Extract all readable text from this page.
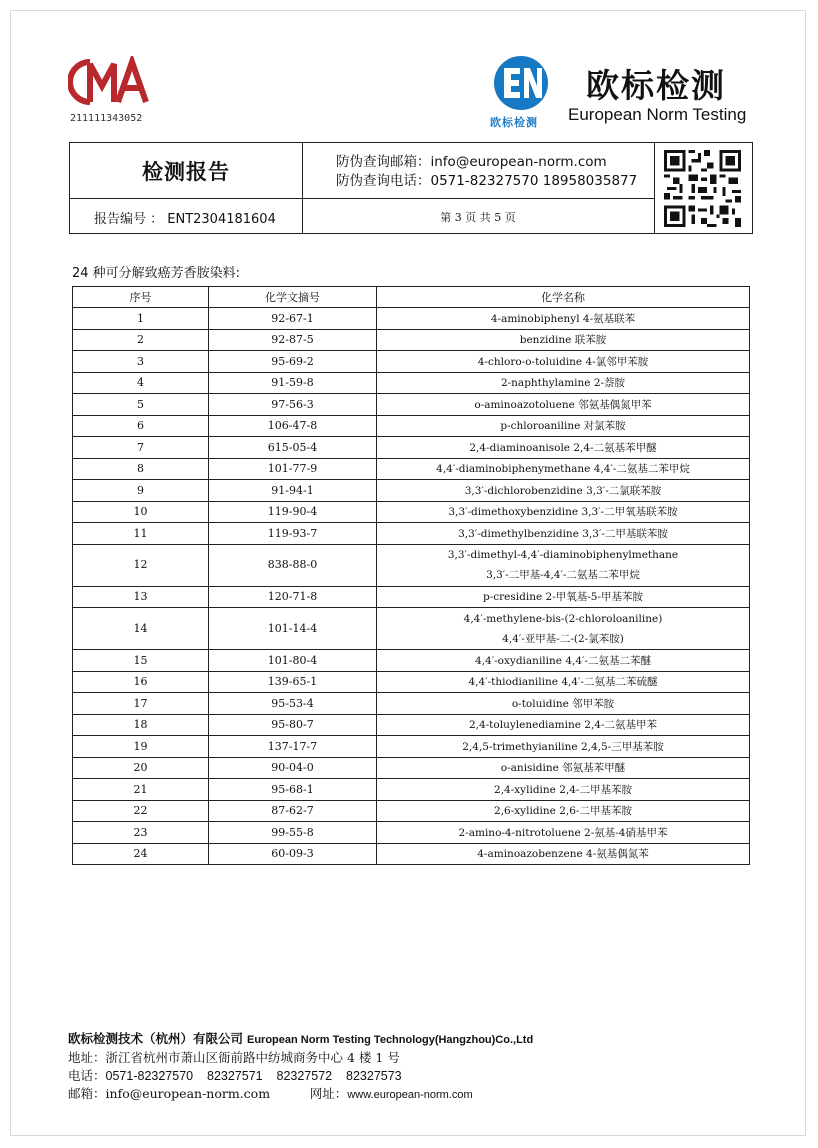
211111343052	欧标检测
欧标检测
European Norm Testing
检测报告	防伪查询邮箱：info@european-norm.com
防伪查询电话：0571-82327570 18958035877
报告编号 ： ENT2304181604	第 3 页 共 5 页
24 种可分解致癌芳香胺染料:
序号	化学文摘号	化学名称
1	92-67-1	4-aminobiphenyl 4-氨基联苯

2	92-87-5	benzidine 联苯胺

3	95-69-2	4-chloro-o-toluidine 4-氯邻甲苯胺

4	91-59-8	2-naphthylamine 2-萘胺

5	97-56-3	o-aminoazotoluene 邻氨基偶氮甲苯

6	106-47-8	p-chloroaniline 对氯苯胺

7	615-05-4	2,4-diaminoanisole 2,4-二氨基苯甲醚

8	101-77-9	4,4′-diaminobiphenymethane 4,4′-二氨基二苯甲烷

9	91-94-1	3,3′-dichlorobenzidine 3,3′-二氯联苯胺

10	119-90-4	3,3′-dimethoxybenzidine 3,3′-二甲氧基联苯胺

11	119-93-7	3,3′-dimethylbenzidine 3,3′-二甲基联苯胺

12	838-88-0	3,3′-dimethyl-4,4′-diaminobiphenylmethane
3,3′-二甲基-4,4′-二氨基二苯甲烷

13	120-71-8	p-cresidine 2-甲氧基-5-甲基苯胺

14	101-14-4	4,4′-methylene-bis-(2-chloroloaniline)
4,4′-亚甲基-二-(2-氯苯胺)

15	101-80-4	4,4′-oxydianiline 4,4′-二氨基二苯醚

16	139-65-1	4,4′-thiodianiline 4,4′-二氨基二苯硫醚

17	95-53-4	o-toluidine 邻甲苯胺

18	95-80-7	2,4-toluylenediamine 2,4-二氨基甲苯

19	137-17-7	2,4,5-trimethyianiline 2,4,5-三甲基苯胺

20	90-04-0	o-anisidine 邻氨基苯甲醚

21	95-68-1	2,4-xylidine 2,4-二甲基苯胺

22	87-62-7	2,6-xylidine 2,6-二甲基苯胺

23	99-55-8	2-amino-4-nitrotoluene 2-氨基-4硝基甲苯

24	60-09-3	4-aminoazobenzene 4-氨基偶氮苯
欧标检测技术（杭州）有限公司 European Norm Testing Technology(Hangzhou)Co.,Ltd
地址：浙江省杭州市萧山区衙前路中纺城商务中心 4 楼 1 号
电话：0571-82327570    82327571    82327572    82327573
邮箱：info@european-norm.com	网址：www.european-norm.com
